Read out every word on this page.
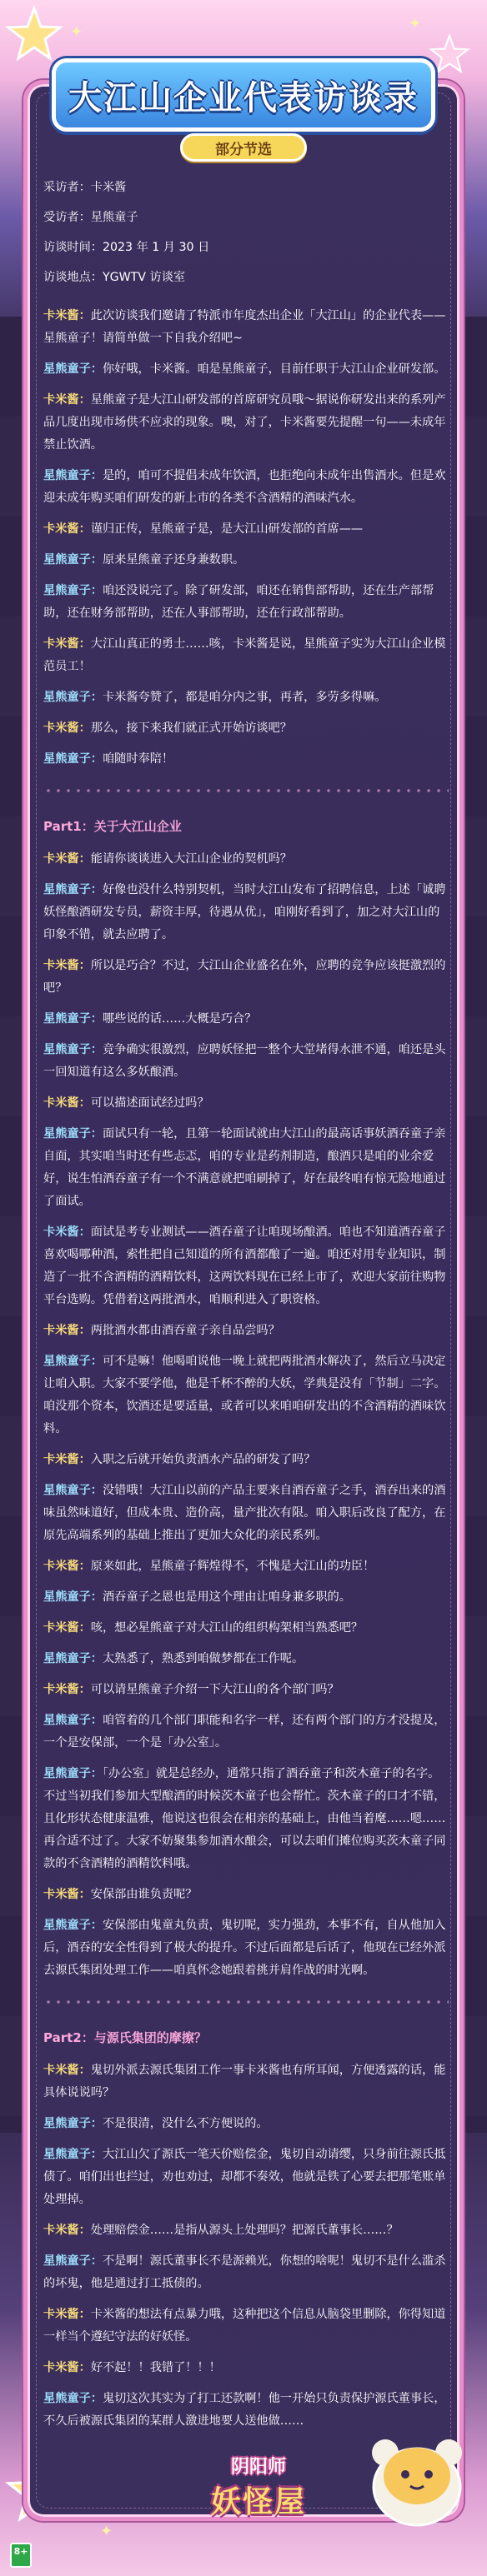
✦	✦
✦
大江山企业代表访谈录
部分节选
采访者：卡米酱
受访者：星熊童子
访谈时间：2023 年 1 月 30 日
访谈地点：YGWTV 访谈室
卡米酱：此次访谈我们邀请了特派市年度杰出企业「大江山」的企业代表——星熊童子！请简单做一下自我介绍吧~
星熊童子：你好哦，卡米酱。咱是星熊童子，目前任职于大江山企业研发部。
卡米酱：星熊童子是大江山研发部的首席研究员哦～据说你研发出来的系列产品几度出现市场供不应求的现象。噢，对了，卡米酱要先提醒一句——未成年禁止饮酒。
星熊童子：是的，咱可不提倡未成年饮酒，也拒绝向未成年出售酒水。但是欢迎未成年购买咱们研发的新上市的各类不含酒精的酒味汽水。
卡米酱：谨归正传，星熊童子是，是大江山研发部的首席——
星熊童子：原来星熊童子还身兼数职。
星熊童子：咱还没说完了。除了研发部，咱还在销售部帮助，还在生产部帮助，还在财务部帮助，还在人事部帮助，还在行政部帮助。
卡米酱：大江山真正的勇士……咳，卡米酱是说，星熊童子实为大江山企业模范员工！
星熊童子：卡米酱夸赞了，都是咱分内之事，再者，多劳多得嘛。
卡米酱：那么，接下来我们就正式开始访谈吧？
星熊童子：咱随时奉陪！
Part1：关于大江山企业
卡米酱：能请你谈谈进入大江山企业的契机吗？
星熊童子：好像也没什么特别契机，当时大江山发布了招聘信息，上述「诚聘妖怪酿酒研发专员，薪资丰厚，待遇从优」，咱刚好看到了，加之对大江山的印象不错，就去应聘了。
卡米酱：所以是巧合？不过，大江山企业盛名在外，应聘的竞争应该挺激烈的吧？
星熊童子：哪些说的话……大概是巧合？
星熊童子：竞争确实很激烈，应聘妖怪把一整个大堂堵得水泄不通，咱还是头一回知道有这么多妖酿酒。
卡米酱：可以描述面试经过吗？
星熊童子：面试只有一轮，且第一轮面试就由大江山的最高话事妖酒吞童子亲自面，其实咱当时还有些忐忑，咱的专业是药剂制造，酿酒只是咱的业余爱好，说生怕酒吞童子有一个不满意就把咱刷掉了，好在最终咱有惊无险地通过了面试。
卡米酱：面试是考专业测试——酒吞童子让咱现场酿酒。咱也不知道酒吞童子喜欢喝哪种酒，索性把自己知道的所有酒都酿了一遍。咱还对用专业知识，制造了一批不含酒精的酒精饮料，这两饮料现在已经上市了，欢迎大家前往购物平台选购。凭借着这两批酒水，咱顺利进入了职资格。
卡米酱：两批酒水都由酒吞童子亲自品尝吗？
星熊童子：可不是嘛！他喝咱说他一晚上就把两批酒水解决了，然后立马决定让咱入职。大家不要学他，他是千杯不醉的大妖，学典是没有「节制」二字。咱没那个资本，饮酒还是要适量，或者可以来咱咱研发出的不含酒精的酒味饮料。
卡米酱：入职之后就开始负责酒水产品的研发了吗？
星熊童子：没错哦！大江山以前的产品主要来自酒吞童子之手，酒吞出来的酒味虽然味道好，但成本贵、造价高，量产批次有限。咱入职后改良了配方，在原先高端系列的基础上推出了更加大众化的亲民系列。
卡米酱：原来如此，星熊童子辉煌得不，不愧是大江山的功臣！
星熊童子：酒吞童子之恩也是用这个理由让咱身兼多职的。
卡米酱：咳，想必星熊童子对大江山的组织构架相当熟悉吧？
星熊童子：太熟悉了，熟悉到咱做梦都在工作呢。
卡米酱：可以请星熊童子介绍一下大江山的各个部门吗？
星熊童子：咱管着的几个部门职能和名字一样，还有两个部门的方才没提及，一个是安保部，一个是「办公室」。
星熊童子：「办公室」就是总经办，通常只指了酒吞童子和茨木童子的名字。不过当初我们参加大型酿酒的时候茨木童子也会帮忙。茨木童子的口才不错，且化形状态健康温雅，他说这也很会在相亲的基础上，由他当着麾……嗯……再合适不过了。大家不妨聚集参加酒水酿会，可以去咱们摊位购买茨木童子同款的不含酒精的酒精饮料哦。
卡米酱：安保部由谁负责呢？
星熊童子：安保部由鬼童丸负责，鬼切呢，实力强劲，本事不有，自从他加入后，酒吞的安全性得到了极大的提升。不过后面都是后话了，他现在已经外派去源氏集团处理工作——咱真怀念她跟着挑并肩作战的时光啊。
Part2：与源氏集团的摩擦？
卡米酱：鬼切外派去源氏集团工作一事卡米酱也有所耳闻，方便透露的话，能具体说说吗？
星熊童子：不是很清，没什么不方便说的。
星熊童子：大江山欠了源氏一笔天价赔偿金，鬼切自动请缨，只身前往源氏抵债了。咱们出也拦过，劝也劝过，却都不奏效，他就是铁了心要去把那笔账单处理掉。
卡米酱：处理赔偿金……是指从源头上处理吗？把源氏董事长……？
星熊童子：不是啊！源氏董事长不是源赖光，你想的啥呢！鬼切不是什么滥杀的坏鬼，他是通过打工抵债的。
卡米酱：卡米酱的想法有点暴力哦，这种把这个信息从脑袋里删除，你得知道一样当个遵纪守法的好妖怪。
卡米酱：好不起！！我错了！！！
星熊童子：鬼切这次其实为了打工还款啊！他一开始只负责保护源氏董事长，不久后被源氏集团的某群人激进地要人送他做……
阴阳师
妖怪屋
8+
